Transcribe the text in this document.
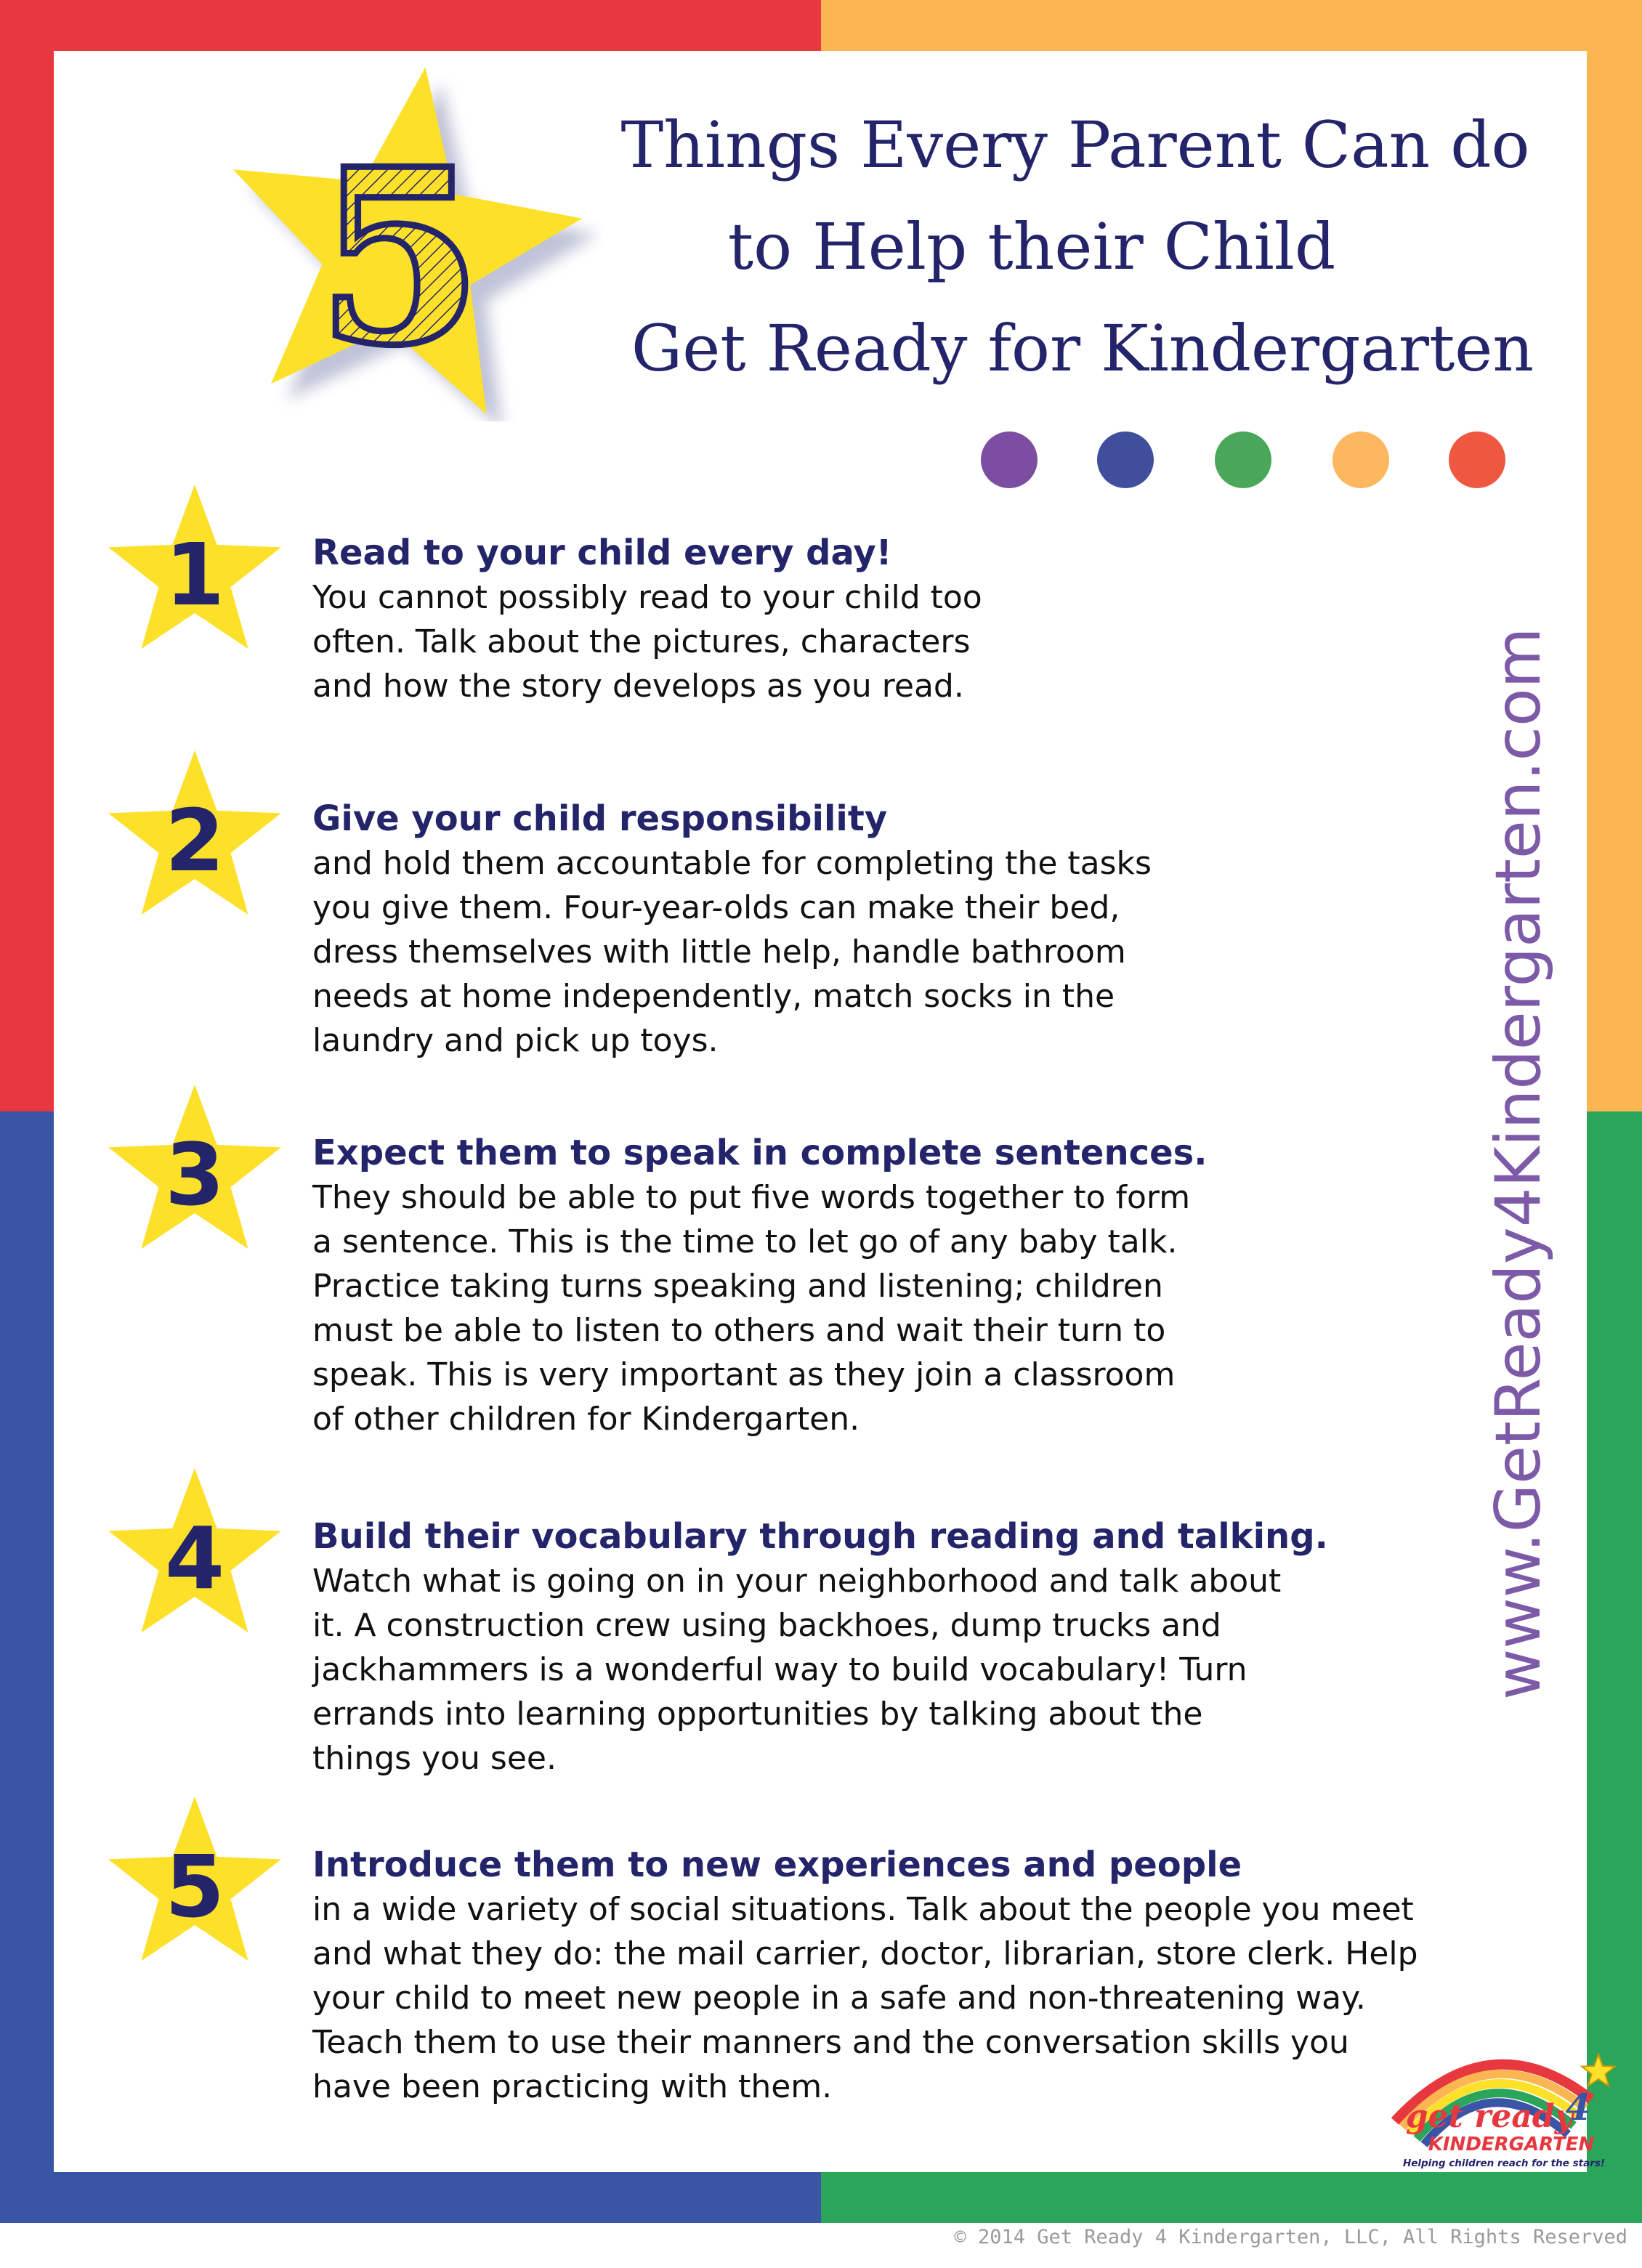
5	Things Every Parent Can do
to Help their Child
Get Ready for Kindergarten
1	Read to your child every day!

You cannot possibly read to your child too

often. Talk about the pictures, characters

and how the story develops as you read.

2	Give your child responsibility

and hold them accountable for completing the tasks

you give them. Four-year-olds can make their bed,

dress themselves with little help, handle bathroom

needs at home independently, match socks in the

laundry and pick up toys.

3	Expect them to speak in complete sentences.

They should be able to put five words together to form

a sentence. This is the time to let go of any baby talk.

Practice taking turns speaking and listening; children

must be able to listen to others and wait their turn to

speak. This is very important as they join a classroom

of other children for Kindergarten.

4	Build their vocabulary through reading and talking.

Watch what is going on in your neighborhood and talk about

it. A construction crew using backhoes, dump trucks and

jackhammers is a wonderful way to build vocabulary! Turn

errands into learning opportunities by talking about the

things you see.

5	Introduce them to new experiences and people

in a wide variety of social situations. Talk about the people you meet

and what they do: the mail carrier, doctor, librarian, store clerk. Help

your child to meet new people in a safe and non-threatening way.

Teach them to use their manners and the conversation skills you

have been practicing with them.

www.GetReady4Kindergarten.com
get ready
4
KINDERGARTEN
Helping children reach for the stars!

© 2014 Get Ready 4 Kindergarten, LLC, All Rights Reserved
